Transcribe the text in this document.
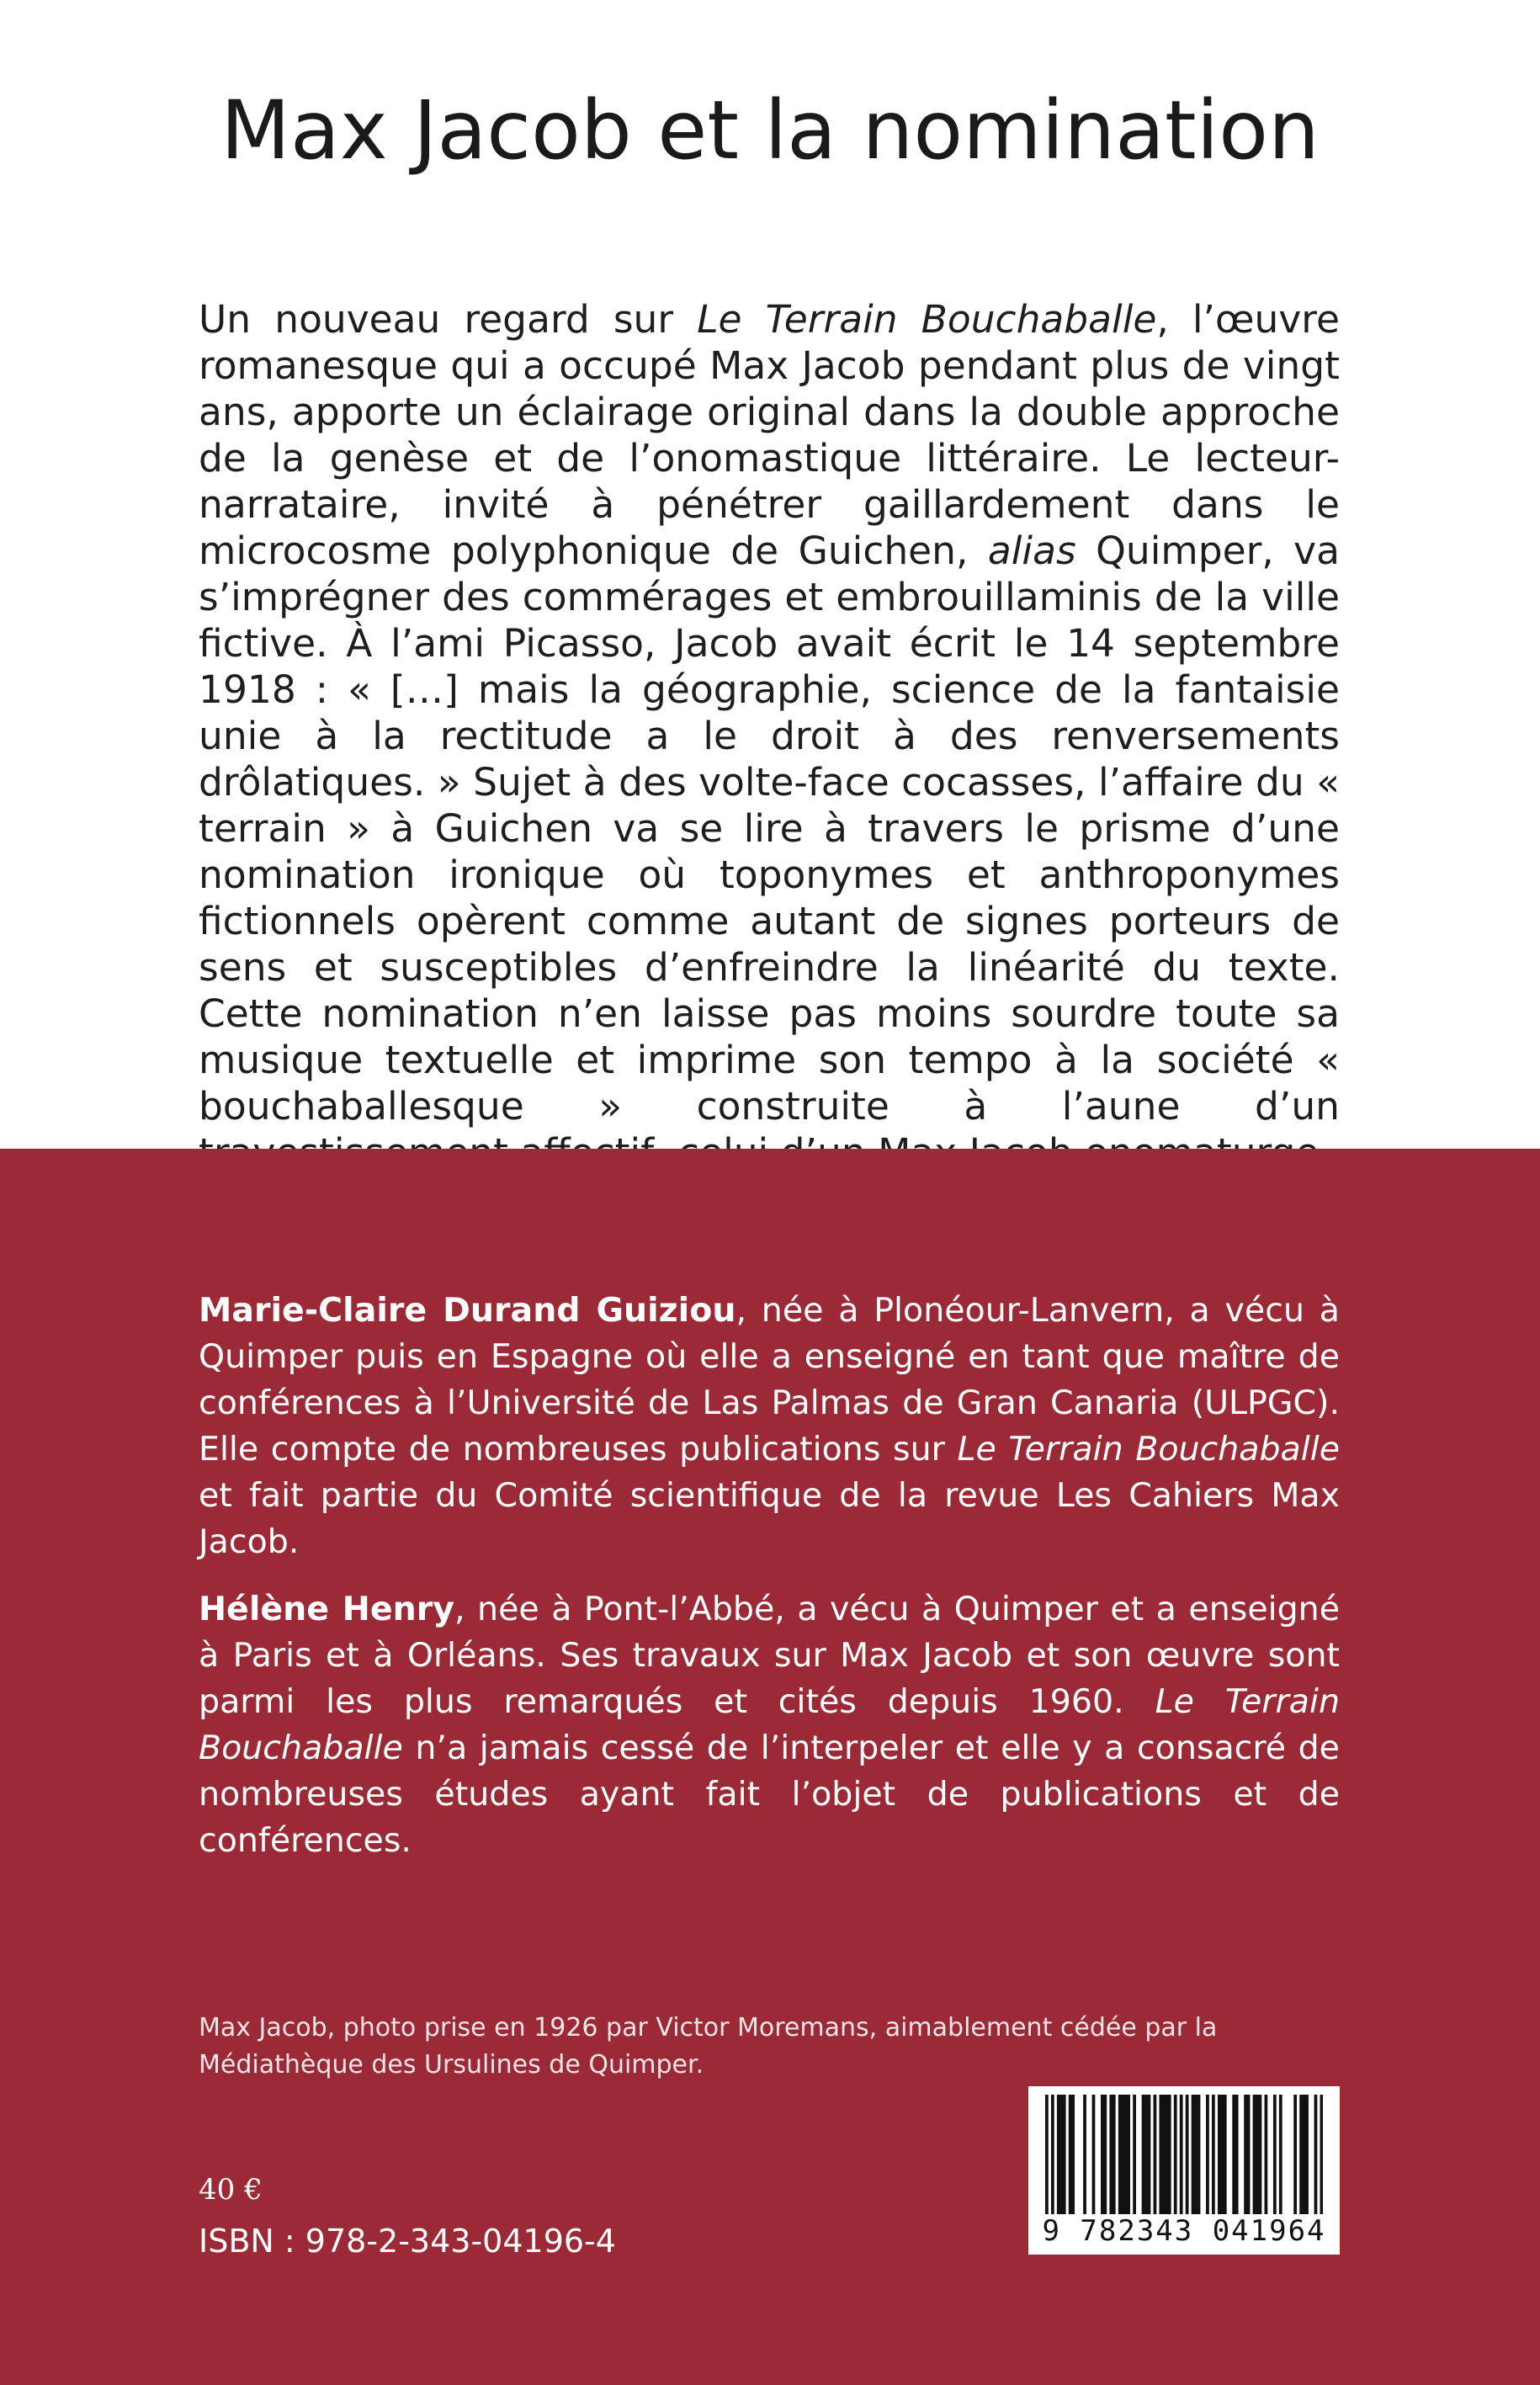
Max Jacob et la nomination

Un nouveau regard sur Le Terrain Bouchaballe, l’œuvre romanesque qui a occupé Max Jacob pendant plus de vingt ans, apporte un éclairage original dans la double approche de la genèse et de l’onomastique littéraire. Le lecteur-narrataire, invité à pénétrer gaillardement dans le microcosme polyphonique de Guichen, alias Quimper, va s’imprégner des commérages et embrouillaminis de la ville fictive. À l’ami Picasso, Jacob avait écrit le 14 septembre 1918 : « […] mais la géographie, science de la fantaisie unie à la rectitude a le droit à des renversements drôlatiques. » Sujet à des volte-face cocasses, l’affaire du « terrain » à Guichen va se lire à travers le prisme d’une nomination ironique où toponymes et anthroponymes fictionnels opèrent comme autant de signes porteurs de sens et susceptibles d’enfreindre la linéarité du texte. Cette nomination n’en laisse pas moins sourdre toute sa musique textuelle et imprime son tempo à la société « bouchaballesque » construite à l’aune d’un

Marie-Claire Durand Guiziou, née à Plonéour-Lanvern, a vécu à Quimper puis en Espagne où elle a enseigné en tant que maître de conférences à l’Université de Las Palmas de Gran Canaria (ULPGC). Elle compte de nombreuses publications sur Le Terrain Bouchaballe et fait partie du Comité scientifique de la revue Les Cahiers Max Jacob.

Hélène Henry, née à Pont-l’Abbé, a vécu à Quimper et a enseigné à Paris et à Orléans. Ses travaux sur Max Jacob et son œuvre sont parmi les plus remarqués et cités depuis 1960. Le Terrain Bouchaballe n’a jamais cessé de l’interpeler et elle y a consacré de nombreuses études ayant fait l’objet de publications et de conférences.

Max Jacob, photo prise en 1926 par Victor Moremans, aimablement cédée par la Médiathèque des Ursulines de Quimper.

40 €
ISBN : 978-2-343-04196-4	9 782343 041964
